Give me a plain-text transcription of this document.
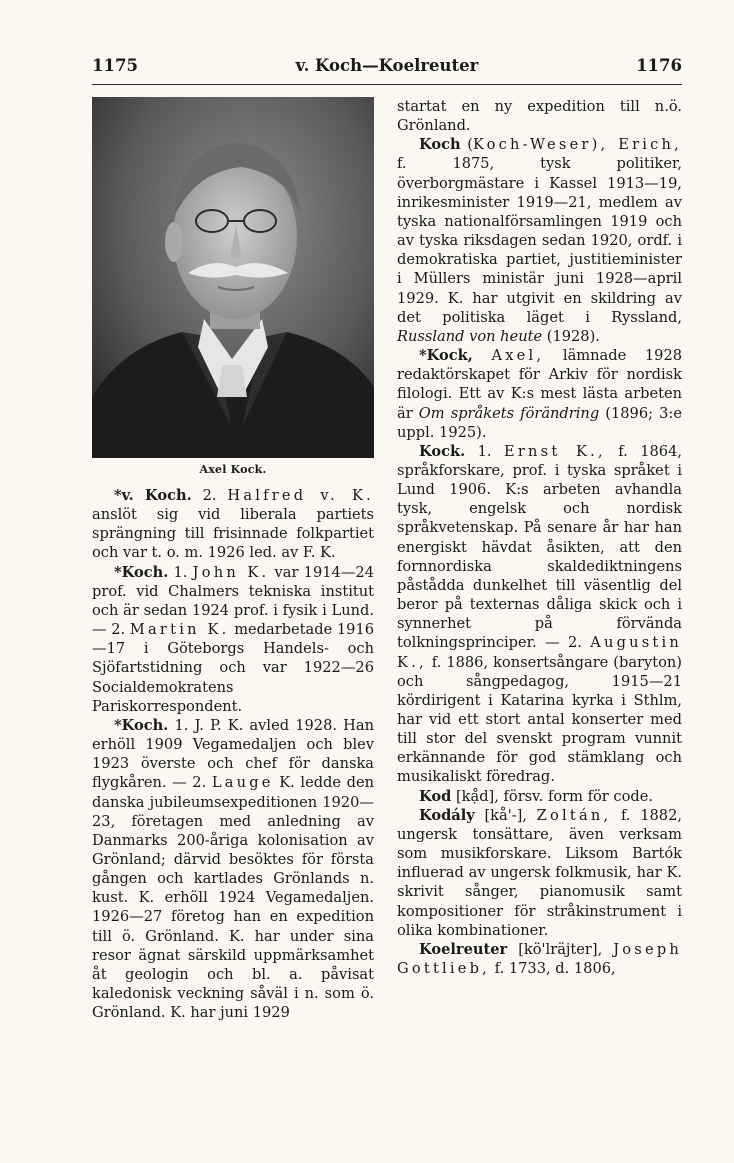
1175	v. Koch—Koelreuter	1176
Axel Kock.

*v. Koch. 2. Halfred v. K. anslöt sig vid liberala partiets sprängning till frisinnade folkpartiet och var t. o. m. 1926 led. av F. K.

*Koch. 1. John K. var 1914—24 prof. vid Chalmers tekniska institut och är sedan 1924 prof. i fysik i Lund. — 2. Martin K. medarbetade 1916—17 i Göteborgs Handels- och Sjöfartstidning och var 1922—26 Socialdemokratens Pariskorrespondent.

*Koch. 1. J. P. K. avled 1928. Han erhöll 1909 Vegamedaljen och blev 1923 överste och chef för danska flygkåren. — 2. Lauge K. ledde den danska jubileumsexpeditionen 1920—23, företagen med anledning av Danmarks 200-åriga kolonisation av Grönland; därvid besöktes för första gången och kartlades Grönlands n. kust. K. erhöll 1924 Vegamedaljen. 1926—27 företog han en expedition till ö. Grönland. K. har under sina resor ägnat särskild uppmärksamhet åt geologin och bl. a. påvisat kaledonisk veckning såväl i n. som ö. Grönland. K. har juni 1929

startat en ny expedition till n.ö. Grönland.

Koch (Koch-Weser), Erich, f. 1875, tysk politiker, överborgmästare i Kassel 1913—19, inrikesminister 1919—21, medlem av tyska nationalförsamlingen 1919 och av tyska riksdagen sedan 1920, ordf. i demokratiska partiet, justitieminister i Müllers ministär juni 1928—april 1929. K. har utgivit en skildring av det politiska läget i Ryssland, Russland von heute (1928).

*Kock, Axel, lämnade 1928 redaktörskapet för Arkiv för nordisk filologi. Ett av K:s mest lästa arbeten är Om språkets förändring (1896; 3:e uppl. 1925).

Kock. 1. Ernst K., f. 1864, språkforskare, prof. i tyska språket i Lund 1906. K:s arbeten avhandla tysk, engelsk och nordisk språkvetenskap. På senare år har han energiskt hävdat åsikten, att den fornnordiska skaldediktningens påstådda dunkelhet till väsentlig del beror på texternas dåliga skick och i synnerhet på förvända tolkningsprinciper. — 2. Augustin K., f. 1886, konsertsångare (baryton) och sångpedagog, 1915—21 kördirigent i Katarina kyrka i Sthlm, har vid ett stort antal konserter med till stor del svenskt program vunnit erkännande för god stämklang och musikaliskt föredrag.

Kod [kạ̊d], försv. form för code.

Kodály [kå'-], Zoltán, f. 1882, ungersk tonsättare, även verksam som musikforskare. Liksom Bartók influerad av ungersk folkmusik, har K. skrivit sånger, pianomusik samt kompositioner för stråkinstrument i olika kombinationer.

Koelreuter [kö'lräjter], Joseph Gottlieb, f. 1733, d. 1806,
